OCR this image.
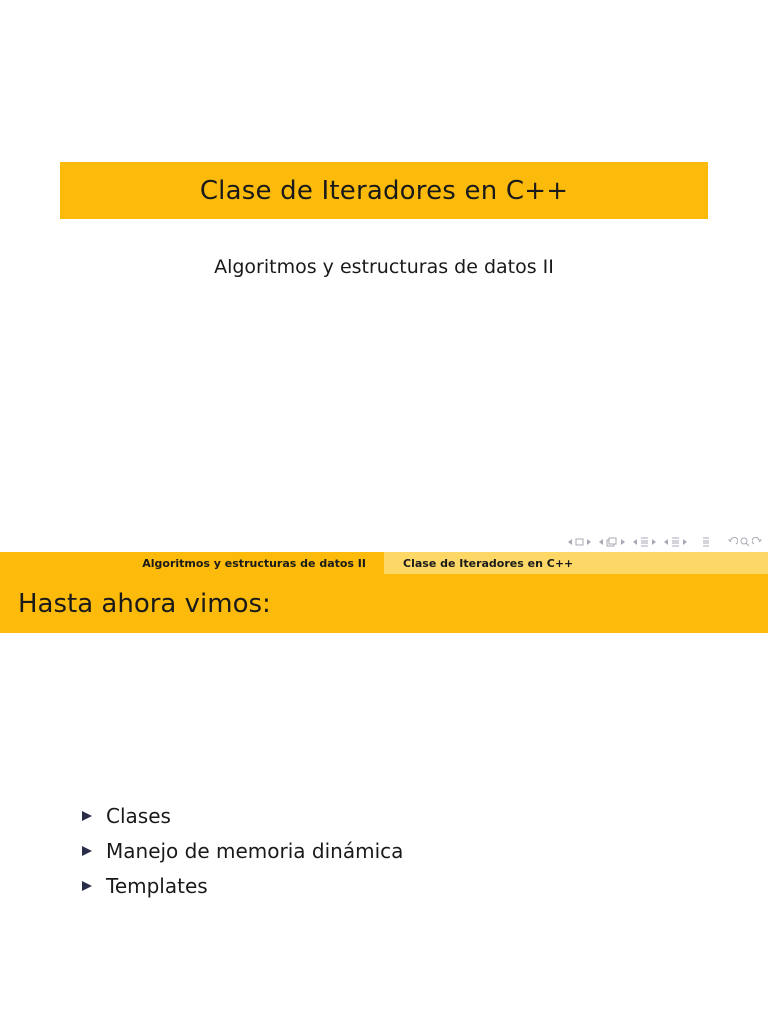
Clase de Iteradores en C++
Algoritmos y estructuras de datos II
Algoritmos y estructuras de datos II	Clase de Iteradores en C++
Hasta ahora vimos:
Clases
Manejo de memoria dinámica
Templates
